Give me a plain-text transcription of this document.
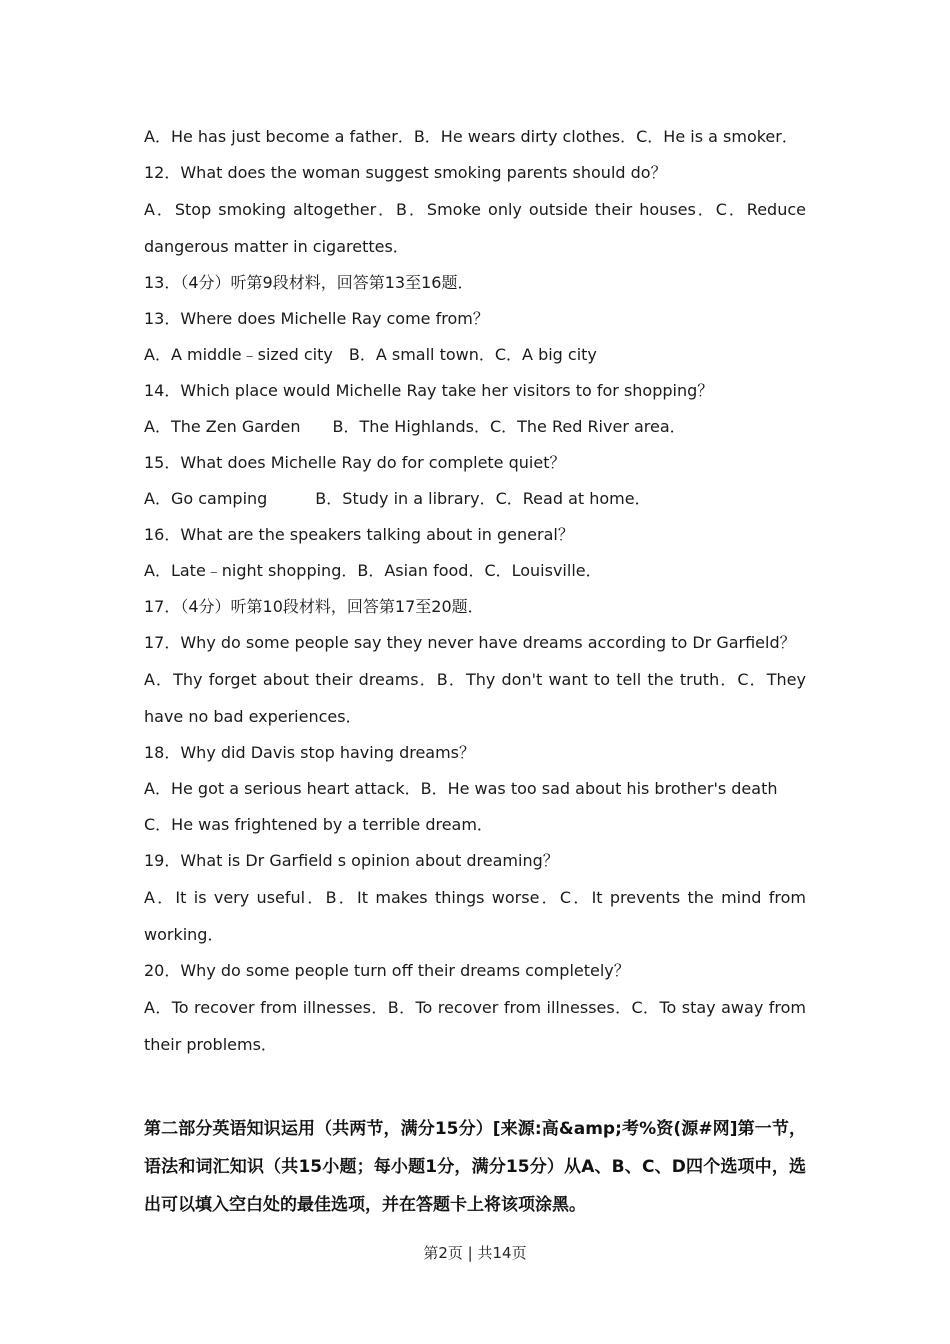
A．He has just become a father．B．He wears dirty clothes．C．He is a smoker．
12．What does the woman suggest smoking parents should do？
A．Stop smoking altogether．B．Smoke only outside their houses．C．Reduce dangerous matter in cigarettes．
13．（4分）听第9段材料，回答第13至16题．
13．Where does Michelle Ray come from？
A．A middle﹣sized city　B．A small town．C．A big city
14．Which place would Michelle Ray take her visitors to for shopping？
A．The Zen Garden　　B．The Highlands．C．The Red River area．
15．What does Michelle Ray do for complete quiet？
A．Go camping　　　B．Study in a library．C．Read at home．
16．What are the speakers talking about in general？
A．Late﹣night shopping．B．Asian food．C．Louisville．
17．（4分）听第10段材料，回答第17至20题．
17．Why do some people say they never have dreams according to Dr Garfield？
A．Thy forget about their dreams．B．Thy don't want to tell the truth．C．They have no bad experiences．
18．Why did Davis stop having dreams？
A．He got a serious heart attack．B．He was too sad about his brother's death
C．He was frightened by a terrible dream．
19．What is Dr Garfield s opinion about dreaming？
A．It is very useful．B．It makes things worse．C．It prevents the mind from working．
20．Why do some people turn off their dreams completely？
A．To recover from illnesses．B．To recover from illnesses．C．To stay away from their problems．
第二部分英语知识运用（共两节，满分15分）[来源:高&amp;考%资(源#网]第一节，语法和词汇知识（共15小题；每小题1分，满分15分）从A、B、C、D四个选项中，选出可以填入空白处的最佳选项，并在答题卡上将该项涂黑。
第2页 | 共14页
